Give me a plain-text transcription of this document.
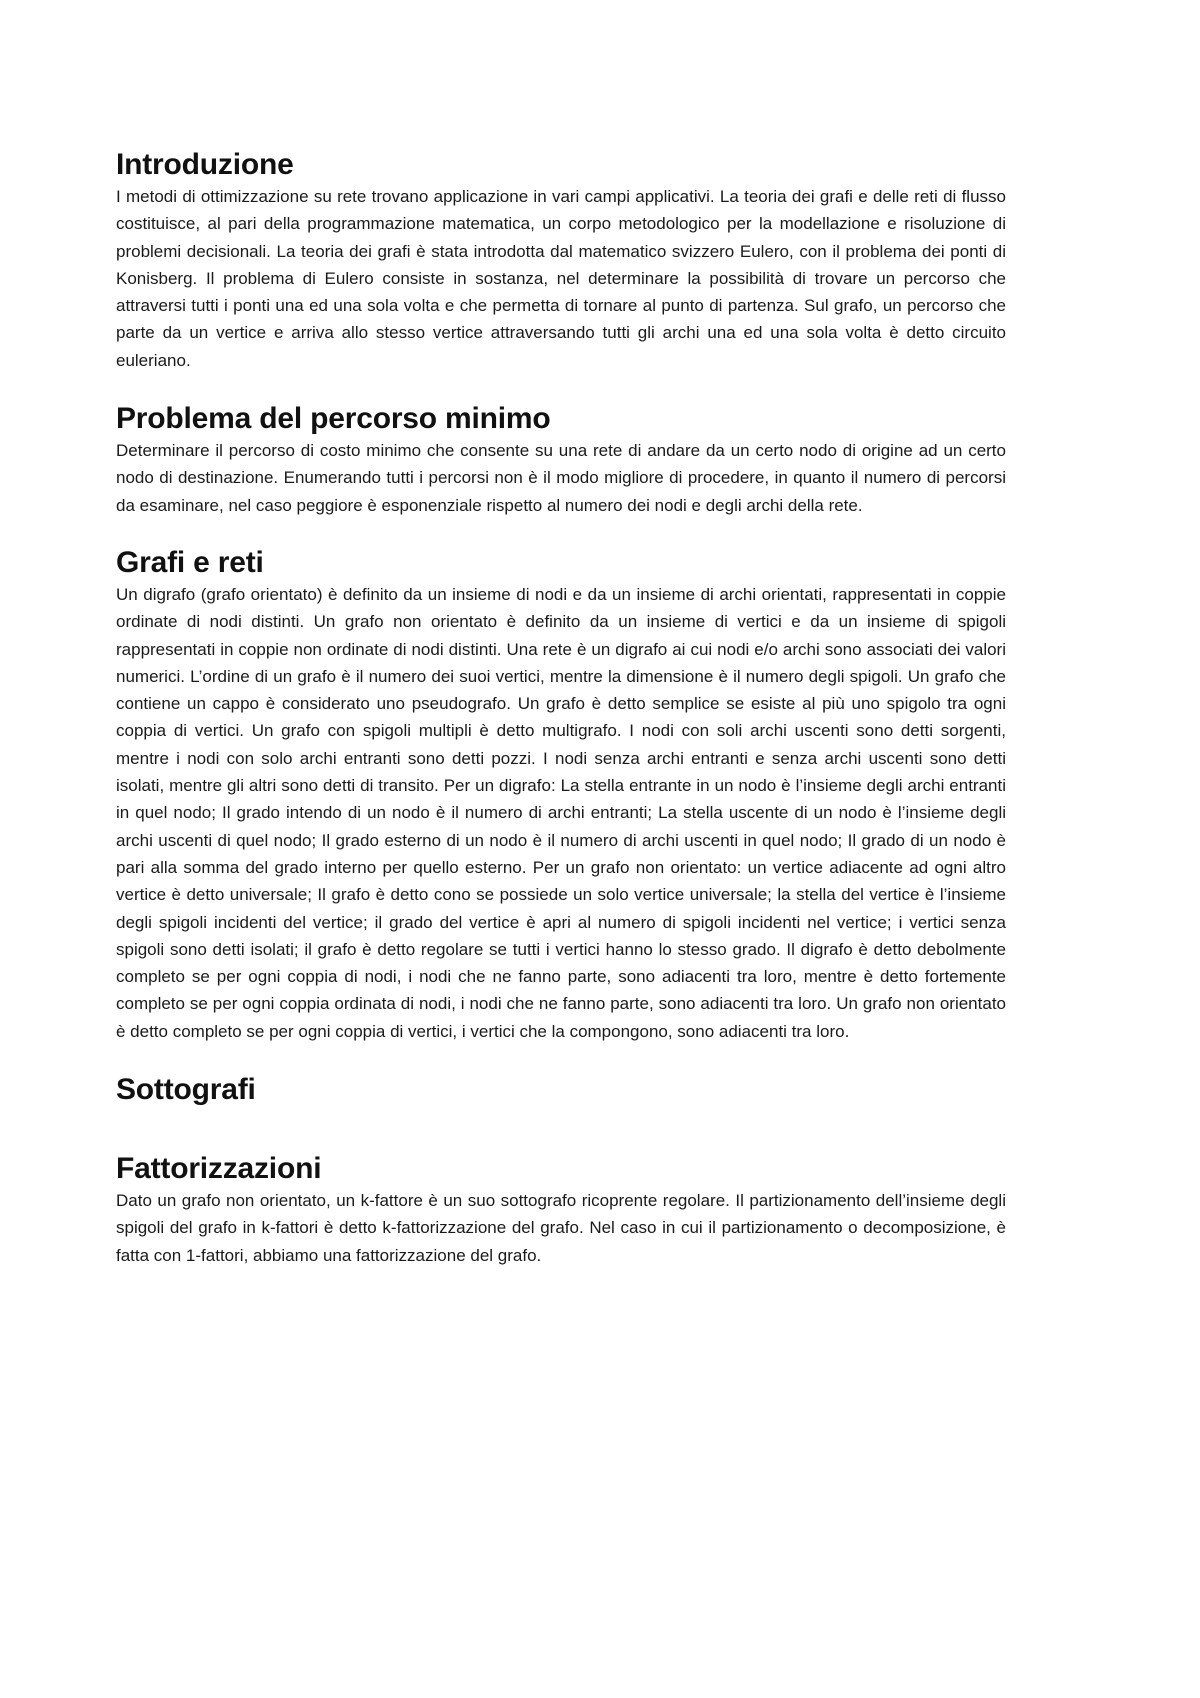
Introduzione

I metodi di ottimizzazione su rete trovano applicazione in vari campi applicativi. La teoria dei grafi e delle reti di flusso costituisce, al pari della programmazione matematica, un corpo metodologico per la modellazione e risoluzione di problemi decisionali. La teoria dei grafi è stata introdotta dal matematico svizzero Eulero, con il problema dei ponti di Konisberg. Il problema di Eulero consiste in sostanza, nel determinare la possibilità di trovare un percorso che attraversi tutti i ponti una ed una sola volta e che permetta di tornare al punto di partenza. Sul grafo, un percorso che parte da un vertice e arriva allo stesso vertice attraversando tutti gli archi una ed una sola volta è detto circuito euleriano.

Problema del percorso minimo

Determinare il percorso di costo minimo che consente su una rete di andare da un certo nodo di origine ad un certo nodo di destinazione. Enumerando tutti i percorsi non è il modo migliore di procedere, in quanto il numero di percorsi da esaminare, nel caso peggiore è esponenziale rispetto al numero dei nodi e degli archi della rete.

Grafi e reti

Un digrafo (grafo orientato) è definito da un insieme di nodi e da un insieme di archi orientati, rappresentati in coppie ordinate di nodi distinti. Un grafo non orientato è definito da un insieme di vertici e da un insieme di spigoli rappresentati in coppie non ordinate di nodi distinti. Una rete è un digrafo ai cui nodi e/o archi sono associati dei valori numerici. L’ordine di un grafo è il numero dei suoi vertici, mentre la dimensione è il numero degli spigoli. Un grafo che contiene un cappo è considerato uno pseudografo. Un grafo è detto semplice se esiste al più uno spigolo tra ogni coppia di vertici. Un grafo con spigoli multipli è detto multigrafo. I nodi con soli archi uscenti sono detti sorgenti, mentre i nodi con solo archi entranti sono detti pozzi. I nodi senza archi entranti e senza archi uscenti sono detti isolati, mentre gli altri sono detti di transito. Per un digrafo: La stella entrante in un nodo è l’insieme degli archi entranti in quel nodo; Il grado intendo di un nodo è il numero di archi entranti; La stella uscente di un nodo è l’insieme degli archi uscenti di quel nodo; Il grado esterno di un nodo è il numero di archi uscenti in quel nodo; Il grado di un nodo è pari alla somma del grado interno per quello esterno. Per un grafo non orientato: un vertice adiacente ad ogni altro vertice è detto universale; Il grafo è detto cono se possiede un solo vertice universale; la stella del vertice è l’insieme degli spigoli incidenti del vertice; il grado del vertice è apri al numero di spigoli incidenti nel vertice; i vertici senza spigoli sono detti isolati; il grafo è detto regolare se tutti i vertici hanno lo stesso grado. Il digrafo è detto debolmente completo se per ogni coppia di nodi, i nodi che ne fanno parte, sono adiacenti tra loro, mentre è detto fortemente completo se per ogni coppia ordinata di nodi, i nodi che ne fanno parte, sono adiacenti tra loro. Un grafo non orientato è detto completo se per ogni coppia di vertici, i vertici che la compongono, sono adiacenti tra loro.

Sottografi
Fattorizzazioni

Dato un grafo non orientato, un k-fattore è un suo sottografo ricoprente regolare. Il partizionamento dell’insieme degli spigoli del grafo in k-fattori è detto k-fattorizzazione del grafo. Nel caso in cui il partizionamento o decomposizione, è fatta con 1-fattori, abbiamo una fattorizzazione del grafo.
